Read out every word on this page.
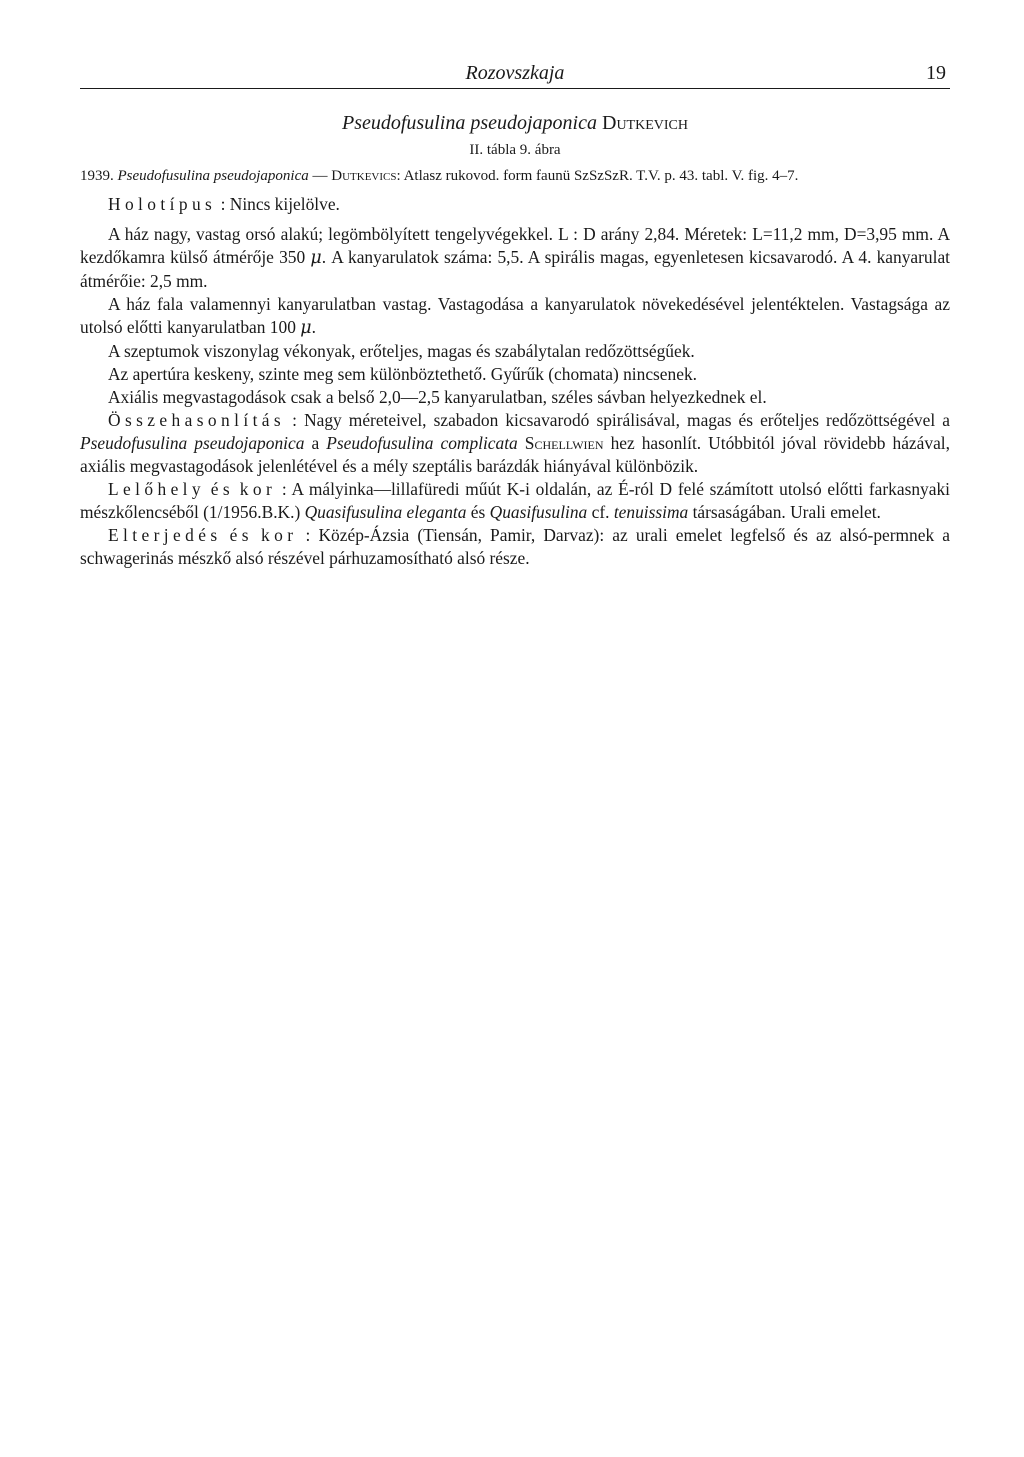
Rozovszkaja	19
Pseudofusulina pseudojaponica Dutkevich
II. tábla 9. ábra
1939. Pseudofusulina pseudojaponica — Dutkevics: Atlasz rukovod. form faunü SzSzSzR. T.V. p. 43. tabl. V. fig. 4–7.

Holotípus : Nincs kijelölve.

A ház nagy, vastag orsó alakú; legömbölyített tengelyvégekkel. L : D arány 2,84. Méretek: L=11,2 mm, D=3,95 mm. A kezdőkamra külső átmérője 350 μ. A kanyarulatok száma: 5,5. A spirális magas, egyenletesen kicsavarodó. A 4. kanyarulat átmérőie: 2,5 mm.

A ház fala valamennyi kanyarulatban vastag. Vastagodása a kanyarulatok növekedésével jelentéktelen. Vastagsága az utolsó előtti kanyarulatban 100 μ.

A szeptumok viszonylag vékonyak, erőteljes, magas és szabálytalan redőzöttségűek.

Az apertúra keskeny, szinte meg sem különböztethető. Gyűrűk (chomata) nincsenek.

Axiális megvastagodások csak a belső 2,0—2,5 kanyarulatban, széles sávban helyezkednek el.

Összehasonlítás : Nagy méreteivel, szabadon kicsavarodó spirálisával, magas és erőteljes redőzöttségével a Pseudofusulina pseudojaponica a Pseudofusulina complicata Schellwien hez hasonlít. Utóbbitól jóval rövidebb házával, axiális megvastagodások jelenlétével és a mély szeptális barázdák hiányával különbözik.

Lelőhely és kor : A mályinka—lillafüredi műút K-i oldalán, az É-ról D felé számított utolsó előtti farkasnyaki mészkőlencséből (1/1956.B.K.) Quasifusulina elegantа és Quasifusulina cf. tenuissima társaságában. Urali emelet.

Elterjedés és kor : Közép-Ázsia (Tiensán, Pamir, Darvaz): az urali emelet legfelső és az alsó-permnek a schwagerinás mészkő alsó részével párhuzamosítható alsó része.
